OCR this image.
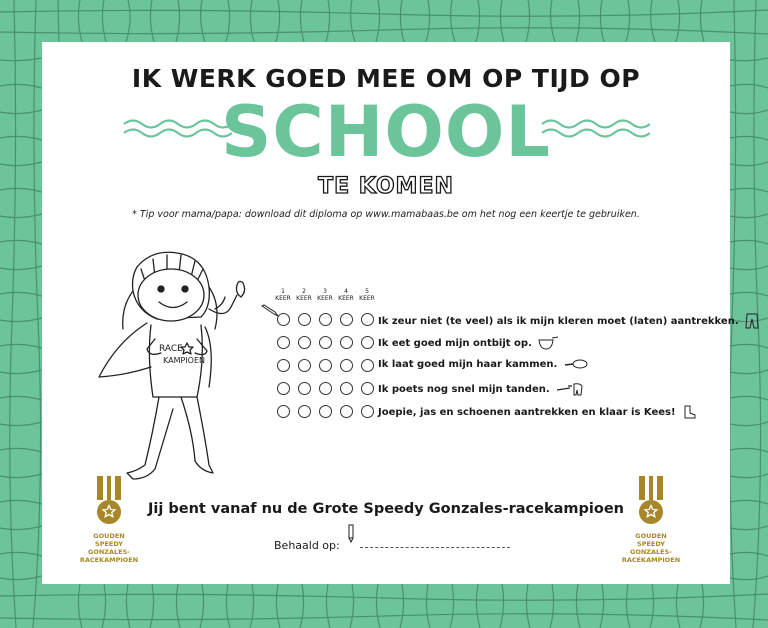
IK WERK GOED MEE OM OP TIJD OP
SCHOOL
TE KOMEN
* Tip voor mama/papa: download dit diploma op www.mamabaas.be om het nog een keertje te gebruiken.
RACE
KAMPIOEN
1
KEER
2
KEER
3
KEER
4
KEER
5
KEER
Ik zeur niet (te veel) als ik mijn kleren moet (laten) aantrekken.
Ik eet goed mijn ontbijt op.
Ik laat goed mijn haar kammen.
Ik poets nog snel mijn tanden.
Joepie, jas en schoenen aantrekken en klaar is Kees!
GOUDEN
SPEEDY GONZALES-
RACEKAMPIOEN
GOUDEN
SPEEDY GONZALES-
RACEKAMPIOEN
Jij bent vanaf nu de Grote Speedy Gonzales-racekampioen
Behaald op:
